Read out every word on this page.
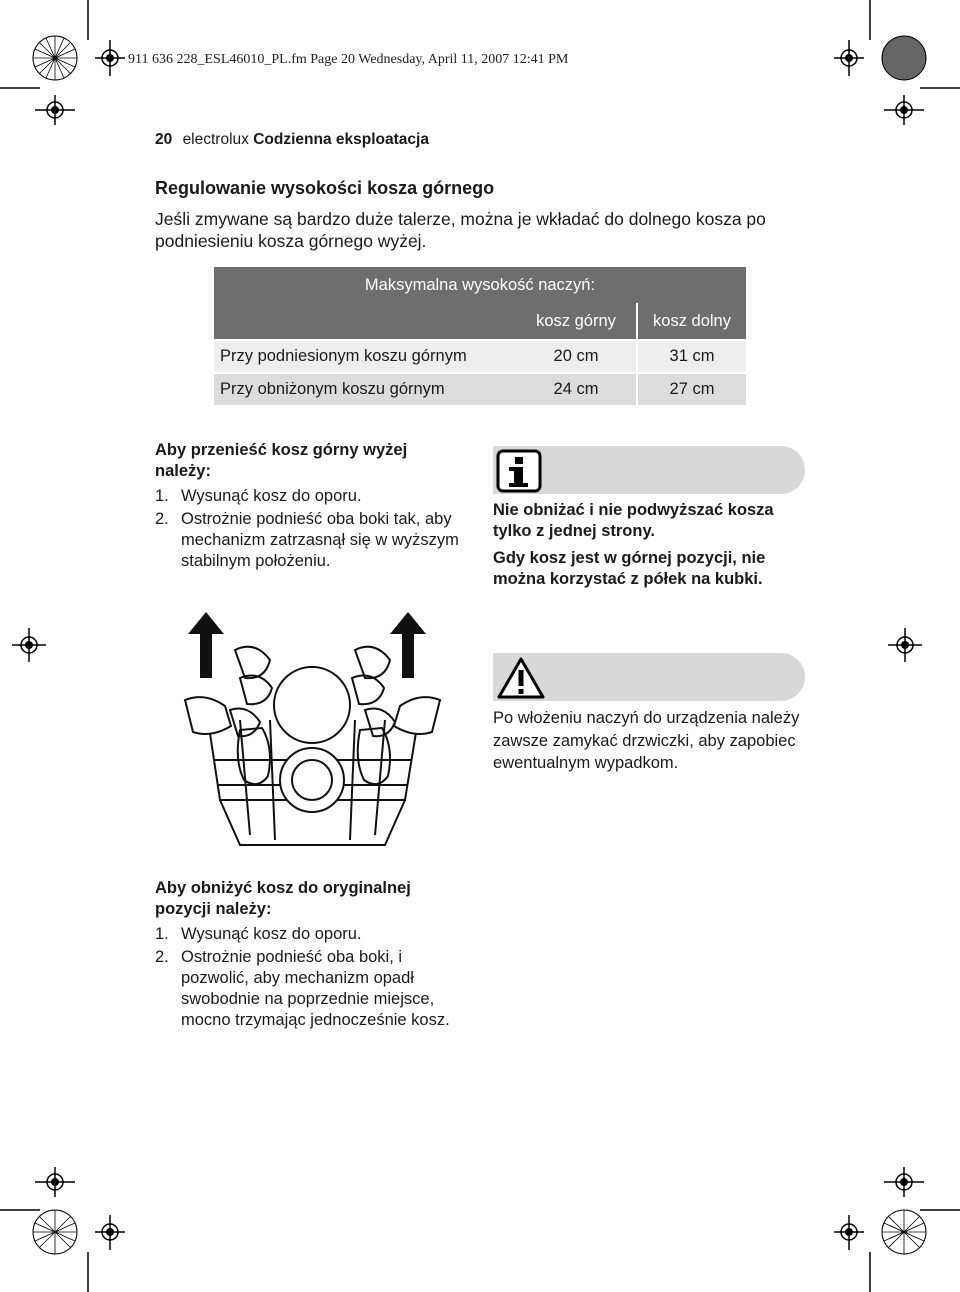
911 636 228_ESL46010_PL.fm Page 20 Wednesday, April 11, 2007 12:41 PM
20 electrolux Codzienna eksploatacja
Regulowanie wysokości kosza górnego
Jeśli zmywane są bardzo duże talerze, można je wkładać do dolnego kosza po podniesieniu kosza górnego wyżej.
Maksymalna wysokość naczyń:		
	kosz górny	kosz dolny
Przy podniesionym koszu górnym	20 cm	31 cm
Przy obniżonym koszu górnym	24 cm	27 cm
Aby przenieść kosz górny wyżej należy:
1. Wysunąć kosz do oporu.
2. Ostrożnie podnieść oba boki tak, aby mechanizm zatrzasnął się w wyższym stabilnym położeniu.

Nie obniżać i nie podwyższać kosza tylko z jednej strony.

Gdy kosz jest w górnej pozycji, nie można korzystać z półek na kubki.

Po włożeniu naczyń do urządzenia należy zawsze zamykać drzwiczki, aby zapobiec ewentualnym wypadkom.
Aby obniżyć kosz do oryginalnej pozycji należy:
1. Wysunąć kosz do oporu.
2. Ostrożnie podnieść oba boki, i pozwolić, aby mechanizm opadł swobodnie na poprzednie miejsce, mocno trzymając jednocześnie kosz.
